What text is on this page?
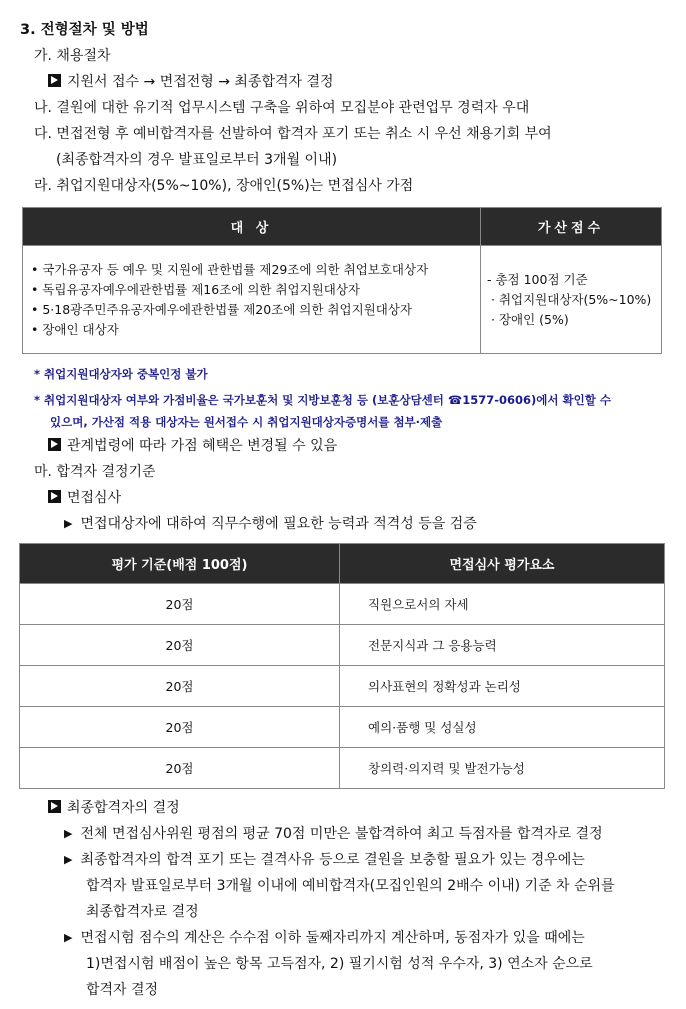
3. 전형절차 및 방법
가. 채용절차
지원서 접수 → 면접전형 → 최종합격자 결정
나. 결원에 대한 유기적 업무시스템 구축을 위하여 모집분야 관련업무 경력자 우대
다. 면접전형 후 예비합격자를 선발하여 합격자 포기 또는 취소 시 우선 채용기회 부여
(최종합격자의 경우 발표일로부터 3개월 이내)
라. 취업지원대상자(5%~10%), 장애인(5%)는 면접심사 가점
대 상	가산점수

• 국가유공자 등 예우 및 지원에 관한법률 제29조에 의한 취업보호대상자
• 독립유공자예우에관한법률 제16조에 의한 취업지원대상자
• 5·18광주민주유공자예우에관한법률 제20조에 의한 취업지원대상자
• 장애인 대상자	- 총점 100점 기준
· 취업지원대상자(5%~10%)
· 장애인 (5%)
* 취업지원대상자와 중복인정 불가
* 취업지원대상자 여부와 가점비율은 국가보훈처 및 지방보훈청 등 (보훈상담센터 ☎1577-0606)에서 확인할 수
있으며, 가산점 적용 대상자는 원서접수 시 취업지원대상자증명서를 첨부·제출
관계법령에 따라 가점 혜택은 변경될 수 있음
마. 합격자 결정기준
면접심사
▶ 면접대상자에 대하여 직무수행에 필요한 능력과 적격성 등을 검증
평가 기준(배점 100점)	면접심사 평가요소
20점	직원으로서의 자세
20점	전문지식과 그 응용능력
20점	의사표현의 정확성과 논리성
20점	예의·품행 및 성실성
20점	창의력·의지력 및 발전가능성
최종합격자의 결정
▶ 전체 면접심사위원 평점의 평균 70점 미만은 불합격하여 최고 득점자를 합격자로 결정
▶ 최종합격자의 합격 포기 또는 결격사유 등으로 결원을 보충할 필요가 있는 경우에는
합격자 발표일로부터 3개월 이내에 예비합격자(모집인원의 2배수 이내) 기준 차 순위를
최종합격자로 결정
▶ 면접시험 점수의 계산은 수수점 이하 둘째자리까지 계산하며, 동점자가 있을 때에는
1)면접시험 배점이 높은 항목 고득점자, 2) 필기시험 성적 우수자, 3) 연소자 순으로
합격자 결정
